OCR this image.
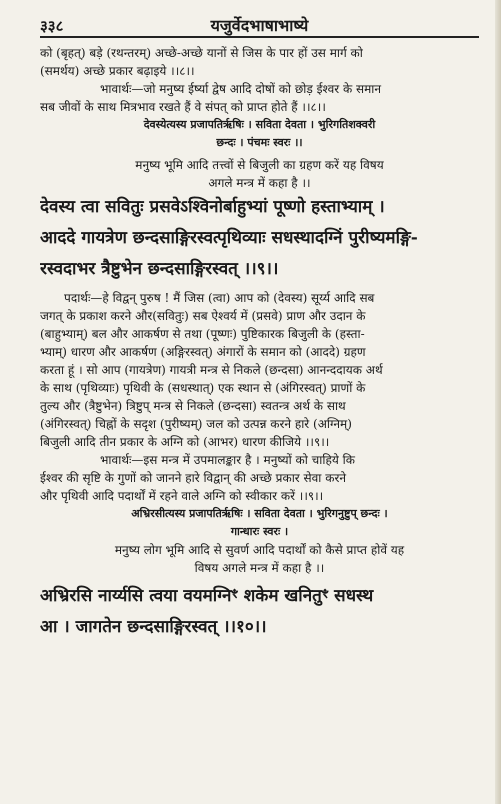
३३८	यजुर्वेदभाषाभाष्ये

को (बृहत्) बड़े (रथन्तरम्) अच्छे-अच्छे यानों से जिस के पार हों उस मार्ग को

(समर्थय) अच्छे प्रकार बढ़ाइये ।।८।।

भावार्थः—जो मनुष्य ईर्ष्या द्वेष आदि दोषों को छोड़ ईश्वर के समान

सब जीवों के साथ मित्रभाव रखते हैं वे संपत् को प्राप्त होते हैं ।।८।।

देवस्येत्यस्य प्रजापतिर्ऋषिः । सविता देवता । भुरिगतिशक्वरी

छन्दः । पंचमः स्वरः ।।

मनुष्य भूमि आदि तत्त्वों से बिजुली का ग्रहण करें यह विषय

अगले मन्त्र में कहा है ।।

देवस्य त्वा सवितुः प्रसवेऽश्विनोर्बाहुभ्यां पूष्णो हस्ताभ्याम् ।

आददे गायत्रेण छन्दसाङ्गिरस्वत्पृथिव्याः सधस्थादग्निं पुरीष्यमङ्गि-

रस्वदाभर त्रैष्टुभेन छन्दसाङ्गिरस्वत् ।।९।।

पदार्थः—हे विद्वन् पुरुष ! मैं जिस (त्वा) आप को (देवस्य) सूर्य्य आदि सब

जगत् के प्रकाश करने और(सवितुः) सब ऐश्वर्य में (प्रसवे) प्राण और उदान के

(बाहुभ्याम्) बल और आकर्षण से तथा (पूष्णः) पुष्टिकारक बिजुली के (हस्ता-

भ्याम्) धारण और आकर्षण (अङ्गिरस्वत्) अंगारों के समान को (आददे) ग्रहण

करता हूं । सो आप (गायत्रेण) गायत्री मन्त्र से निकले (छन्दसा) आनन्ददायक अर्थ

के साथ (पृथिव्याः) पृथिवी के (सधस्थात्) एक स्थान से (अंगिरस्वत्) प्राणों के

तुल्य और (त्रैष्टुभेन) त्रिष्टुप् मन्त्र से निकले (छन्दसा) स्वतन्त्र अर्थ के साथ

(अंगिरस्वत्) चिह्नों के सदृश (पुरीष्यम्) जल को उत्पन्न करने हारे (अग्निम्)

बिजुली आदि तीन प्रकार के अग्नि को (आभर) धारण कीजिये ।।९।।

भावार्थः—इस मन्त्र में उपमालङ्कार है । मनुष्यों को चाहिये कि

ईश्वर की सृष्टि के गुणों को जानने हारे विद्वान् की अच्छे प्रकार सेवा करने

और पृथिवी आदि पदार्थों में रहने वाले अग्नि को स्वीकार करें ।।९।।

अभ्रिरसीत्यस्य प्रजापतिर्ऋषिः । सविता देवता । भुरिगनुष्टुप् छन्दः ।

गान्धारः स्वरः ।

मनुष्य लोग भूमि आदि से सुवर्ण आदि पदार्थों को कैसे प्राप्त होवें यह

विषय अगले मन्त्र में कहा है ।।

अभ्रिरसि नार्य्यसि त्वया वयमग्निꣳ शकेम खनितुꣳ सधस्थ

आ । जागतेन छन्दसाङ्गिरस्वत् ।।१०।।
